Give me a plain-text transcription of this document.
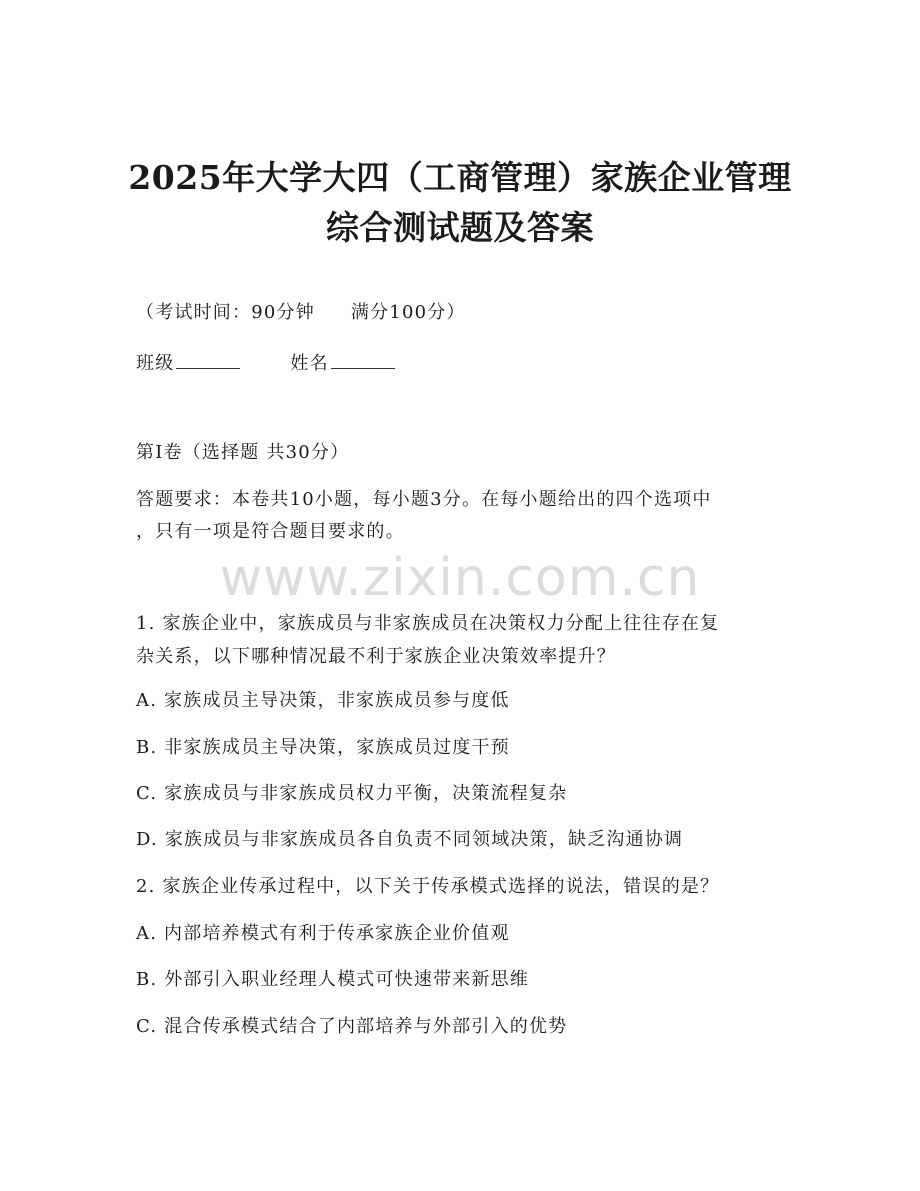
2025年大学大四（工商管理）家族企业管理
综合测试题及答案
（考试时间：90分钟 满分100分）
班级	姓名
第I卷（选择题 共30分）
答题要求：本卷共10小题，每小题3分。在每小题给出的四个选项中
，只有一项是符合题目要求的。
www.zixin.com.cn
1. 家族企业中，家族成员与非家族成员在决策权力分配上往往存在复
杂关系，以下哪种情况最不利于家族企业决策效率提升？
A. 家族成员主导决策，非家族成员参与度低
B. 非家族成员主导决策，家族成员过度干预
C. 家族成员与非家族成员权力平衡，决策流程复杂
D. 家族成员与非家族成员各自负责不同领域决策，缺乏沟通协调
2. 家族企业传承过程中，以下关于传承模式选择的说法，错误的是？
A. 内部培养模式有利于传承家族企业价值观
B. 外部引入职业经理人模式可快速带来新思维
C. 混合传承模式结合了内部培养与外部引入的优势
